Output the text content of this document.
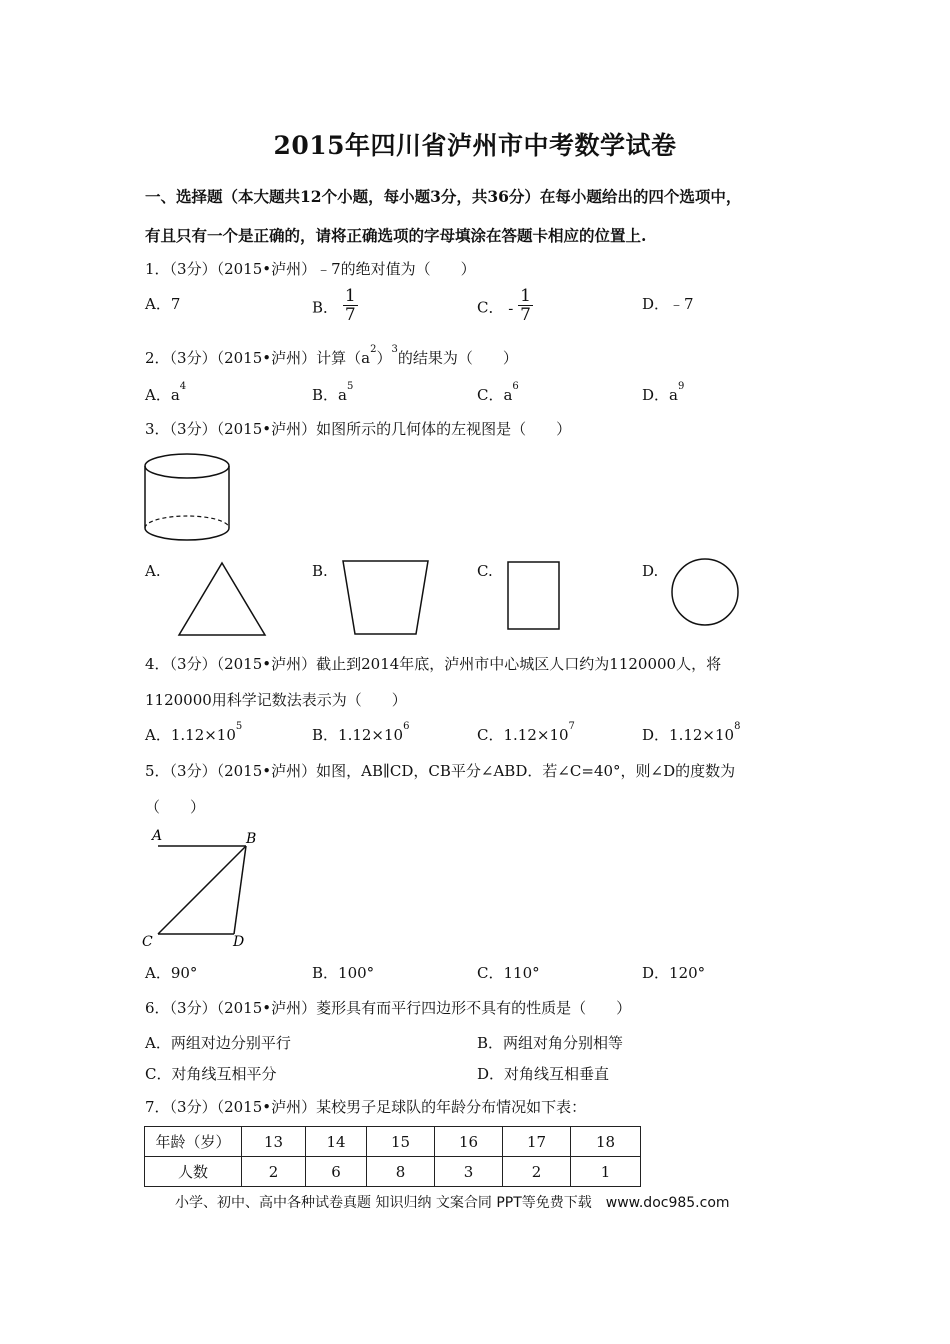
2015年四川省泸州市中考数学试卷
一、选择题（本大题共12个小题，每小题3分，共36分）在每小题给出的四个选项中，
有且只有一个是正确的，请将正确选项的字母填涂在答题卡相应的位置上.
1．（3分）（2015•泸州）﹣7的绝对值为（　　）
A．7	B． $\frac{1}{7}$	C． - $\frac{1}{7}$	D．﹣7
2．（3分）（2015•泸州）计算$(a^2)^3$的结果为（　　）
A．$a^4$	B．$a^5$	C．$a^6$	D．$a^9$
3．（3分）（2015•泸州）如图所示的几何体的左视图是（　　）
A.	B.	C.	D.
4．（3分）（2015•泸州）截止到2014年底，泸州市中心城区人口约为1120000人，将
1120000用科学记数法表示为（　　）
A．$1.12\times 10^5$	B．$1.12\times 10^6$	C．$1.12\times 10^7$	D．$1.12\times 10^8$
5．（3分）（2015•泸州）如图，AB∥CD，CB平分∠ABD．若∠C=40°，则∠D的度数为
（　　）
A	B
C	D
A．90°	B．100°	C．110°	D．120°
6．（3分）（2015•泸州）菱形具有而平行四边形不具有的性质是（　　）
A．两组对边分别平行	B．两组对角分别相等
C．对角线互相平分	D．对角线互相垂直
7．（3分）（2015•泸州）某校男子足球队的年龄分布情况如下表：
年龄（岁）	13	14	15	16	17	18
人数	2	6	8	3	2	1
小学、初中、高中各种试卷真题 知识归纳 文案合同 PPT等免费下载　www.doc985.com
